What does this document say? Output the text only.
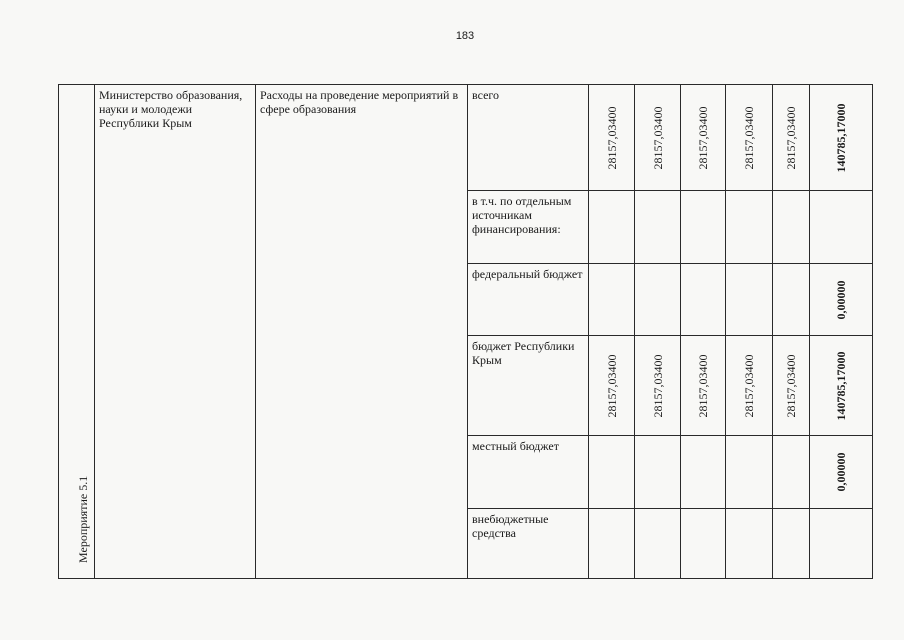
183
Мероприятие 5.1	Министерство образования, науки и молодежи Республики Крым	Расходы на проведение мероприятий в сфере образования	всего	28157,03400	28157,03400	28157,03400	28157,03400	28157,03400	140785,17000

			в т.ч. по отдельным источникам финансирования:	

			федеральный бюджет						0,00000

			бюджет Республики Крым	28157,03400	28157,03400	28157,03400	28157,03400	28157,03400	140785,17000

			местный бюджет						0,00000

			внебюджетные средства	
